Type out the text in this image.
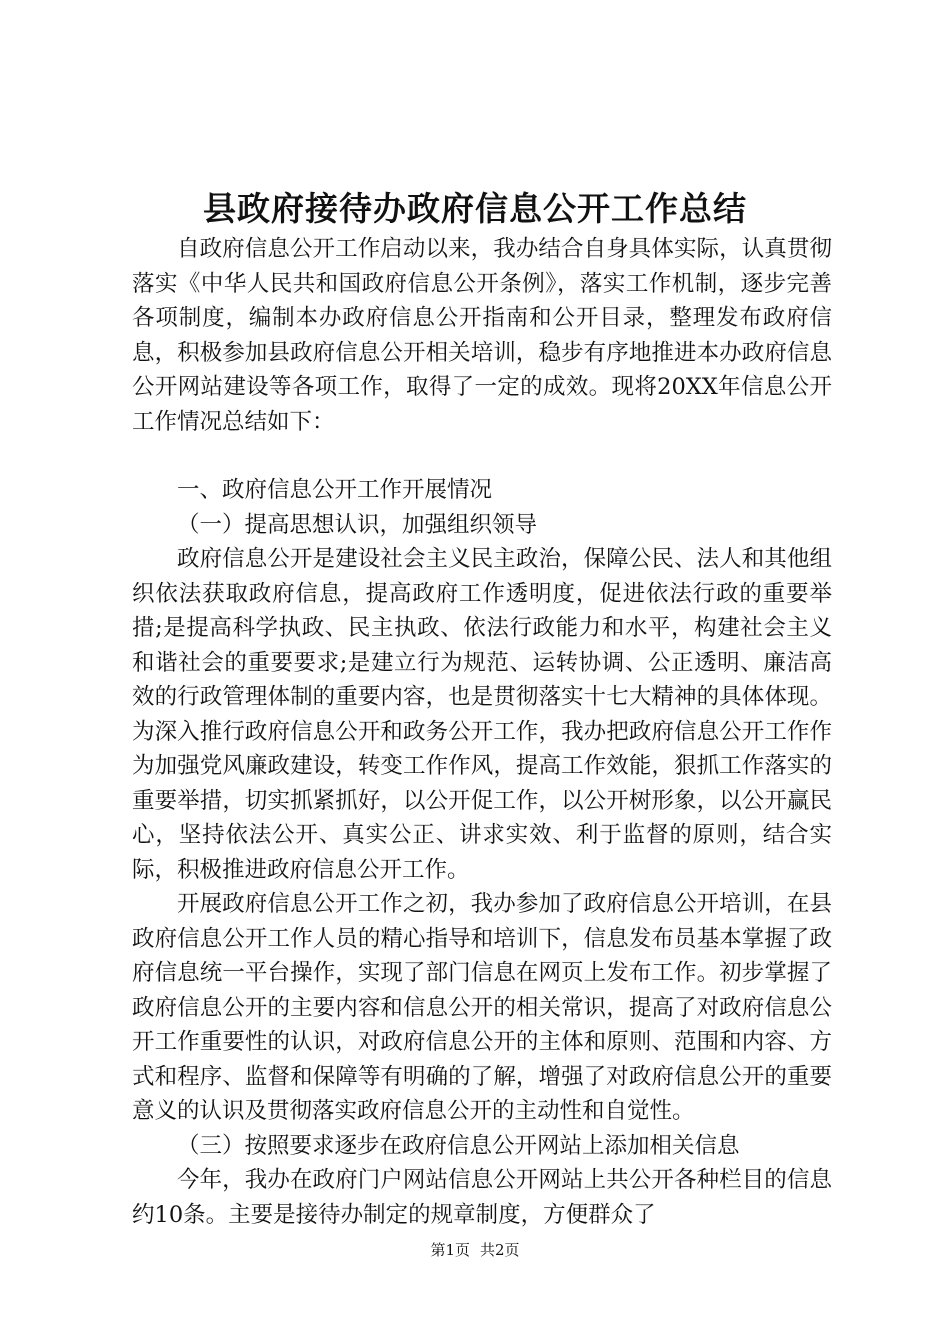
县政府接待办政府信息公开工作总结

自政府信息公开工作启动以来，我办结合自身具体实际，认真贯彻落实《中华人民共和国政府信息公开条例》，落实工作机制，逐步完善各项制度，编制本办政府信息公开指南和公开目录，整理发布政府信息，积极参加县政府信息公开相关培训，稳步有序地推进本办政府信息公开网站建设等各项工作，取得了一定的成效。现将20XX年信息公开工作情况总结如下：

一、政府信息公开工作开展情况

（一）提高思想认识，加强组织领导

政府信息公开是建设社会主义民主政治，保障公民、法人和其他组织依法获取政府信息，提高政府工作透明度，促进依法行政的重要举措;是提高科学执政、民主执政、依法行政能力和水平，构建社会主义和谐社会的重要要求;是建立行为规范、运转协调、公正透明、廉洁高效的行政管理体制的重要内容，也是贯彻落实十七大精神的具体体现。为深入推行政府信息公开和政务公开工作，我办把政府信息公开工作作为加强党风廉政建设，转变工作作风，提高工作效能，狠抓工作落实的重要举措，切实抓紧抓好，以公开促工作，以公开树形象，以公开赢民心，坚持依法公开、真实公正、讲求实效、利于监督的原则，结合实际，积极推进政府信息公开工作。

开展政府信息公开工作之初，我办参加了政府信息公开培训，在县政府信息公开工作人员的精心指导和培训下，信息发布员基本掌握了政府信息统一平台操作，实现了部门信息在网页上发布工作。初步掌握了政府信息公开的主要内容和信息公开的相关常识，提高了对政府信息公开工作重要性的认识，对政府信息公开的主体和原则、范围和内容、方式和程序、监督和保障等有明确的了解，增强了对政府信息公开的重要意义的认识及贯彻落实政府信息公开的主动性和自觉性。

（三）按照要求逐步在政府信息公开网站上添加相关信息

今年，我办在政府门户网站信息公开网站上共公开各种栏目的信息约10条。主要是接待办制定的规章制度，方便群众了

第1页 共2页
